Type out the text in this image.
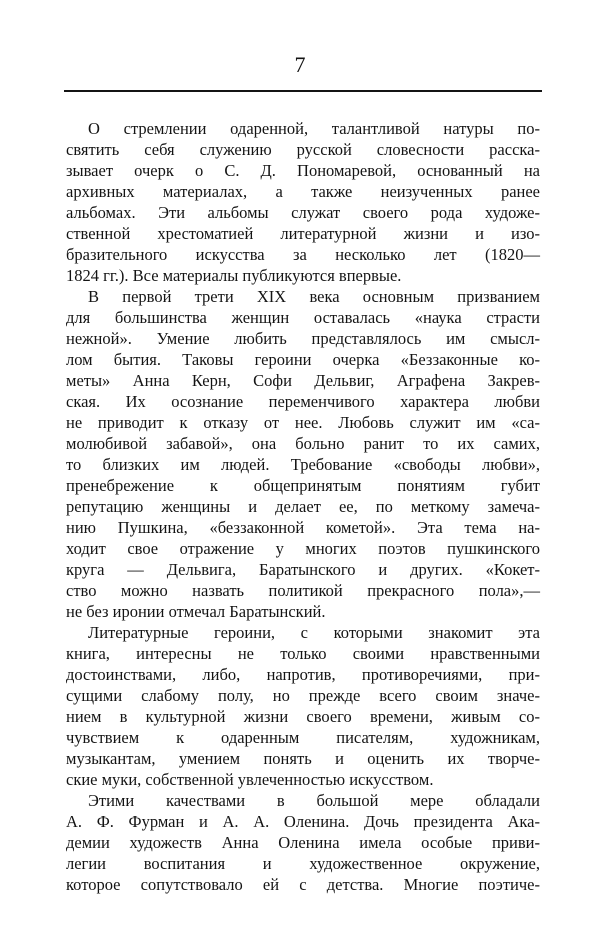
7
О стремлении одаренной, талантливой натуры по-
святить себя служению русской словесности расска-
зывает очерк о С. Д. Пономаревой, основанный на
архивных материалах, а также неизученных ранее
альбомах. Эти альбомы служат своего рода художе-
ственной хрестоматией литературной жизни и изо-
бразительного искусства за несколько лет (1820—
1824 гг.). Все материалы публикуются впервые.
В первой трети XIX века основным призванием
для большинства женщин оставалась «наука страсти
нежной». Умение любить представлялось им смысл-
лом бытия. Таковы героини очерка «Беззаконные ко-
меты» Анна Керн, Софи Дельвиг, Аграфена Закрев-
ская. Их осознание переменчивого характера любви
не приводит к отказу от нее. Любовь служит им «са-
молюбивой забавой», она больно ранит то их самих,
то близких им людей. Требование «свободы любви»,
пренебрежение к общепринятым понятиям губит
репутацию женщины и делает ее, по меткому замеча-
нию Пушкина, «беззаконной кометой». Эта тема на-
ходит свое отражение у многих поэтов пушкинского
круга — Дельвига, Баратынского и других. «Кокет-
ство можно назвать политикой прекрасного пола»,—
не без иронии отмечал Баратынский.
Литературные героини, с которыми знакомит эта
книга, интересны не только своими нравственными
достоинствами, либо, напротив, противоречиями, при-
сущими слабому полу, но прежде всего своим значе-
нием в культурной жизни своего времени, живым со-
чувствием к одаренным писателям, художникам,
музыкантам, умением понять и оценить их творче-
ские муки, собственной увлеченностью искусством.
Этими качествами в большой мере обладали
А. Ф. Фурман и А. А. Оленина. Дочь президента Ака-
демии художеств Анна Оленина имела особые приви-
легии воспитания и художественное окружение,
которое сопутствовало ей с детства. Многие поэтиче-
